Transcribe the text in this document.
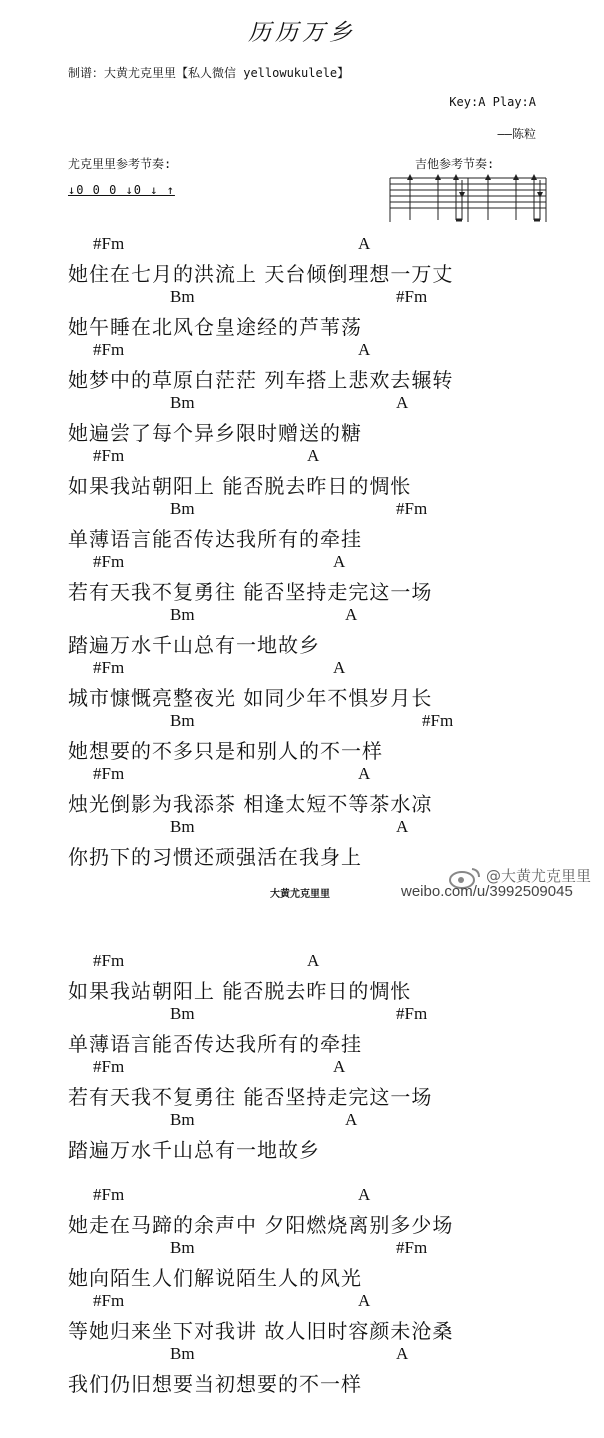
历历万乡
制谱：大黄尤克里里【私人微信 yellowukulele】
Key:A Play:A
——陈粒
尤克里里参考节奏:
↓0 0 0 ↓0 ↓ ↑
吉他参考节奏:
#Fm	A
她住在七月的洪流上 天台倾倒理想一万丈
Bm	#Fm
她午睡在北风仓皇途经的芦苇荡
#Fm	A
她梦中的草原白茫茫 列车搭上悲欢去辗转
Bm	A
她遍尝了每个异乡限时赠送的糖
#Fm	A
如果我站朝阳上 能否脱去昨日的惆怅
Bm	#Fm
单薄语言能否传达我所有的牵挂
#Fm	A
若有天我不复勇往 能否坚持走完这一场
Bm	A
踏遍万水千山总有一地故乡
#Fm	A
城市慷慨亮整夜光 如同少年不惧岁月长
Bm	#Fm
她想要的不多只是和别人的不一样
#Fm	A
烛光倒影为我添茶 相逢太短不等茶水凉
Bm	A
你扔下的习惯还顽强活在我身上
#Fm	A
如果我站朝阳上 能否脱去昨日的惆怅
Bm	#Fm
单薄语言能否传达我所有的牵挂
#Fm	A
若有天我不复勇往 能否坚持走完这一场
Bm	A
踏遍万水千山总有一地故乡
#Fm	A
她走在马蹄的余声中 夕阳燃烧离别多少场
Bm	#Fm
她向陌生人们解说陌生人的风光
#Fm	A
等她归来坐下对我讲 故人旧时容颜未沧桑
Bm	A
我们仍旧想要当初想要的不一样
大黄尤克里里
@大黄尤克里里
weibo.com/u/3992509045
